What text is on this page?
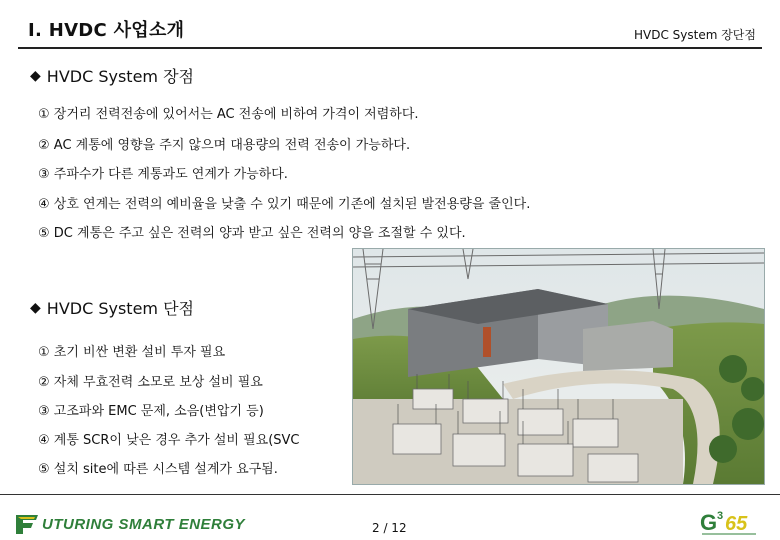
I. HVDC 사업소개	HVDC System 장단점
◆ HVDC System 장점
① 장거리 전력전송에 있어서는 AC 전송에 비하여 가격이 저렴하다.
② AC 계통에 영향을 주지 않으며 대용량의 전력 전송이 가능하다.
③ 주파수가 다른 계통과도 연계가 가능하다.
④ 상호 연계는 전력의 예비율을 낮출 수 있기 때문에 기존에 설치된 발전용량을 줄인다.
⑤ DC 계통은 주고 싶은 전력의 양과 받고 싶은 전력의 양을 조절할 수 있다.
◆ HVDC System 단점
① 초기 비싼 변환 설비 투자 필요
② 자체 무효전력 소모로 보상 설비 필요
③ 고조파와 EMC 문제, 소음(변압기 등)
④ 계통 SCR이 낮은 경우 추가 설비 필요(SVC
⑤ 설치 site에 따른 시스템 설계가 요구됨.
UTURING SMART ENERGY	2 / 12	G 3 65
